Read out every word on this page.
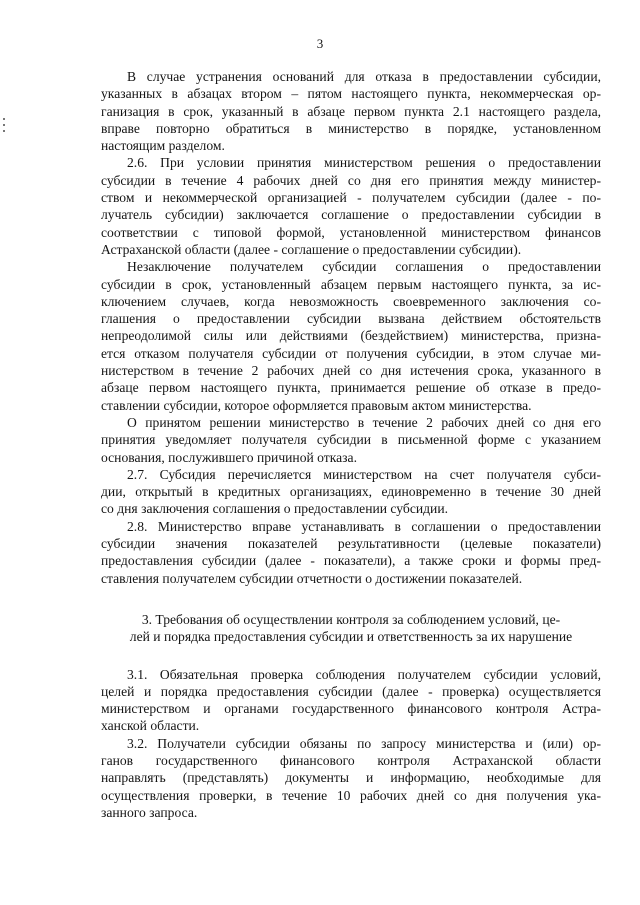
3
В случае устранения оснований для отказа в предоставлении субсидии,
указанных в абзацах втором – пятом настоящего пункта, некоммерческая ор-
ганизация в срок, указанный в абзаце первом пункта 2.1 настоящего раздела,
вправе повторно обратиться в министерство в порядке, установленном
настоящим разделом.
2.6. При условии принятия министерством решения о предоставлении
субсидии в течение 4 рабочих дней со дня его принятия между министер-
ством и некоммерческой организацией - получателем субсидии (далее - по-
лучатель субсидии) заключается соглашение о предоставлении субсидии в
соответствии с типовой формой, установленной министерством финансов
Астраханской области (далее - соглашение о предоставлении субсидии).
Незаключение получателем субсидии соглашения о предоставлении
субсидии в срок, установленный абзацем первым настоящего пункта, за ис-
ключением случаев, когда невозможность своевременного заключения со-
глашения о предоставлении субсидии вызвана действием обстоятельств
непреодолимой силы или действиями (бездействием) министерства, призна-
ется отказом получателя субсидии от получения субсидии, в этом случае ми-
нистерством в течение 2 рабочих дней со дня истечения срока, указанного в
абзаце первом настоящего пункта, принимается решение об отказе в предо-
ставлении субсидии, которое оформляется правовым актом министерства.
О принятом решении министерство в течение 2 рабочих дней со дня его
принятия уведомляет получателя субсидии в письменной форме с указанием
основания, послужившего причиной отказа.
2.7. Субсидия перечисляется министерством на счет получателя субси-
дии, открытый в кредитных организациях, единовременно в течение 30 дней
со дня заключения соглашения о предоставлении субсидии.
2.8. Министерство вправе устанавливать в соглашении о предоставлении
субсидии значения показателей результативности (целевые показатели)
предоставления субсидии (далее - показатели), а также сроки и формы пред-
ставления получателем субсидии отчетности о достижении показателей.
3. Требования об осуществлении контроля за соблюдением условий, це-
лей и порядка предоставления субсидии и ответственность за их нарушение
3.1. Обязательная проверка соблюдения получателем субсидии условий,
целей и порядка предоставления субсидии (далее - проверка) осуществляется
министерством и органами государственного финансового контроля Астра-
ханской области.
3.2. Получатели субсидии обязаны по запросу министерства и (или) ор-
ганов государственного финансового контроля Астраханской области
направлять (представлять) документы и информацию, необходимые для
осуществления проверки, в течение 10 рабочих дней со дня получения ука-
занного запроса.
